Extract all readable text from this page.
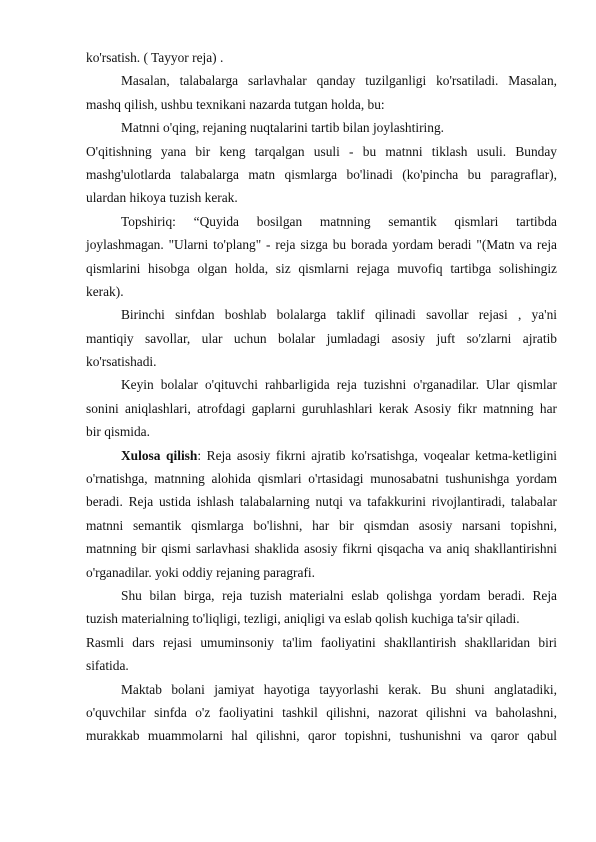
ko'rsatish. ( Tayyor reja) .
Masalan, talabalarga sarlavhalar qanday tuzilganligi ko'rsatiladi. Masalan,
mashq qilish, ushbu texnikani nazarda tutgan holda, bu:
Matnni o'qing, rejaning nuqtalarini tartib bilan joylashtiring.
O'qitishning yana bir keng tarqalgan usuli - bu matnni tiklash usuli. Bunday
mashg'ulotlarda talabalarga matn qismlarga bo'linadi (ko'pincha bu paragraflar),
ulardan hikoya tuzish kerak.
Topshiriq: “Quyida bosilgan matnning semantik qismlari tartibda
joylashmagan. "Ularni to'plang" - reja sizga bu borada yordam beradi "(Matn va reja
qismlarini hisobga olgan holda, siz qismlarni rejaga muvofiq tartibga solishingiz
kerak).
Birinchi sinfdan boshlab bolalarga taklif qilinadi savollar rejasi , ya'ni
mantiqiy savollar, ular uchun bolalar jumladagi asosiy juft so'zlarni ajratib
ko'rsatishadi.
Keyin bolalar o'qituvchi rahbarligida reja tuzishni o'rganadilar. Ular qismlar
sonini aniqlashlari, atrofdagi gaplarni guruhlashlari kerak Asosiy fikr matnning har
bir qismida.
Xulosa qilish: Reja asosiy fikrni ajratib ko'rsatishga, voqealar ketma-ketligini
o'rnatishga, matnning alohida qismlari o'rtasidagi munosabatni tushunishga yordam
beradi. Reja ustida ishlash talabalarning nutqi va tafakkurini rivojlantiradi, talabalar
matnni semantik qismlarga bo'lishni, har bir qismdan asosiy narsani topishni,
matnning bir qismi sarlavhasi shaklida asosiy fikrni qisqacha va aniq shakllantirishni
o'rganadilar. yoki oddiy rejaning paragrafi.
Shu bilan birga, reja tuzish materialni eslab qolishga yordam beradi. Reja
tuzish materialning to'liqligi, tezligi, aniqligi va eslab qolish kuchiga ta'sir qiladi.
Rasmli dars rejasi umuminsoniy ta'lim faoliyatini shakllantirish shakllaridan biri
sifatida.
Maktab bolani jamiyat hayotiga tayyorlashi kerak. Bu shuni anglatadiki,
o'quvchilar sinfda o'z faoliyatini tashkil qilishni, nazorat qilishni va baholashni,
murakkab muammolarni hal qilishni, qaror topishni, tushunishni va qaror qabul
